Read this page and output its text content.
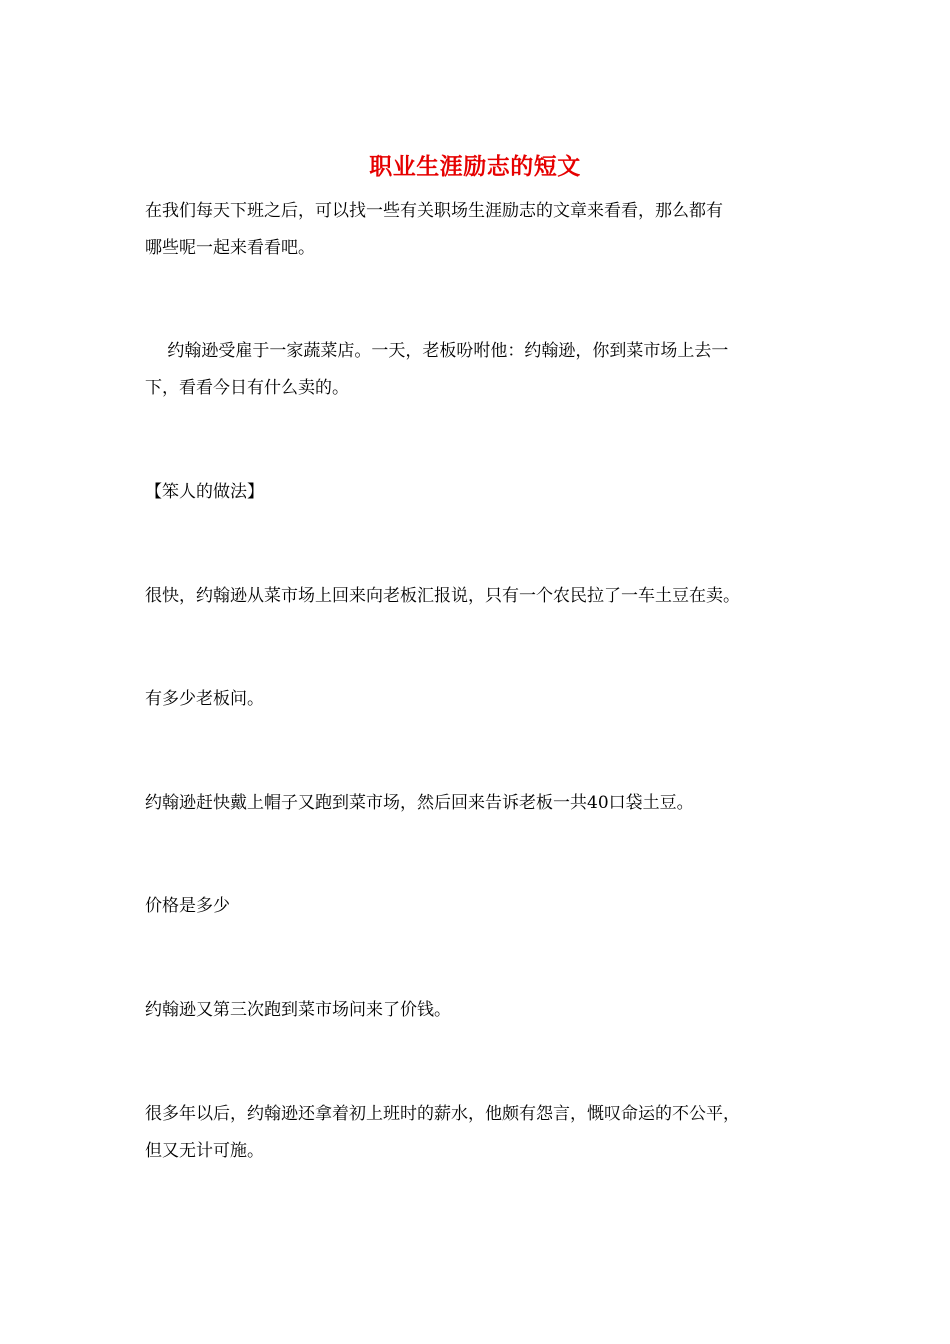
职业生涯励志的短文

在我们每天下班之后，可以找一些有关职场生涯励志的文章来看看，那么都有
哪些呢一起来看看吧。

　 约翰逊受雇于一家蔬菜店。一天，老板吩咐他：约翰逊，你到菜市场上去一
下，看看今日有什么卖的。

【笨人的做法】

很快，约翰逊从菜市场上回来向老板汇报说，只有一个农民拉了一车土豆在卖。

有多少老板问。

约翰逊赶快戴上帽子又跑到菜市场，然后回来告诉老板一共40口袋土豆。

价格是多少

约翰逊又第三次跑到菜市场问来了价钱。

很多年以后，约翰逊还拿着初上班时的薪水，他颇有怨言，慨叹命运的不公平，
但又无计可施。
